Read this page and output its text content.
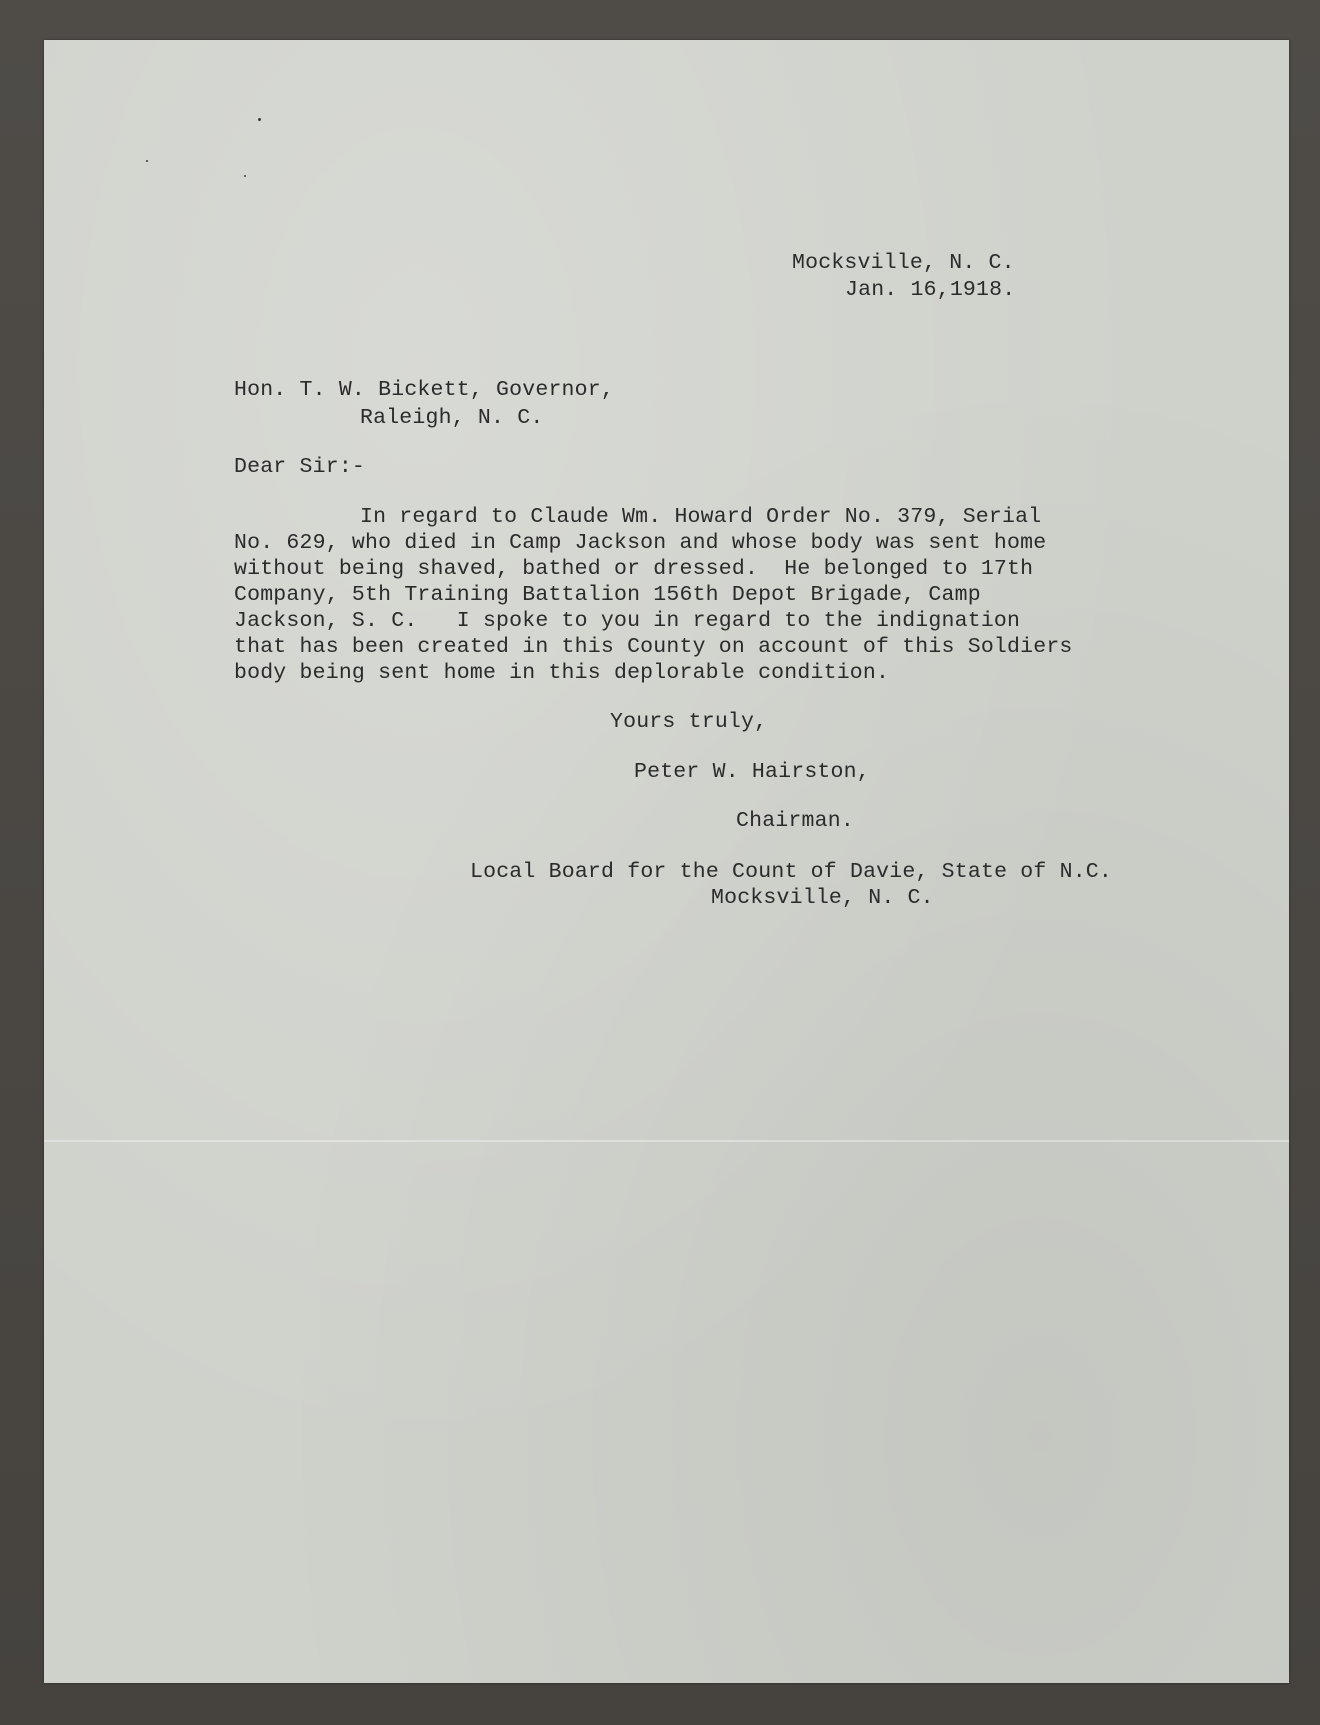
Mocksville, N. C.
Jan. 16,1918.
Hon. T. W. Bickett, Governor,
Raleigh, N. C.
Dear Sir:-
In regard to Claude Wm. Howard Order No. 379, Serial
No. 629, who died in Camp Jackson and whose body was sent home
without being shaved, bathed or dressed.  He belonged to 17th
Company, 5th Training Battalion 156th Depot Brigade, Camp
Jackson, S. C.   I spoke to you in regard to the indignation
that has been created in this County on account of this Soldiers
body being sent home in this deplorable condition.
Yours truly,
Peter W. Hairston,
Chairman.
Local Board for the Count of Davie, State of N.C.
Mocksville, N. C.
